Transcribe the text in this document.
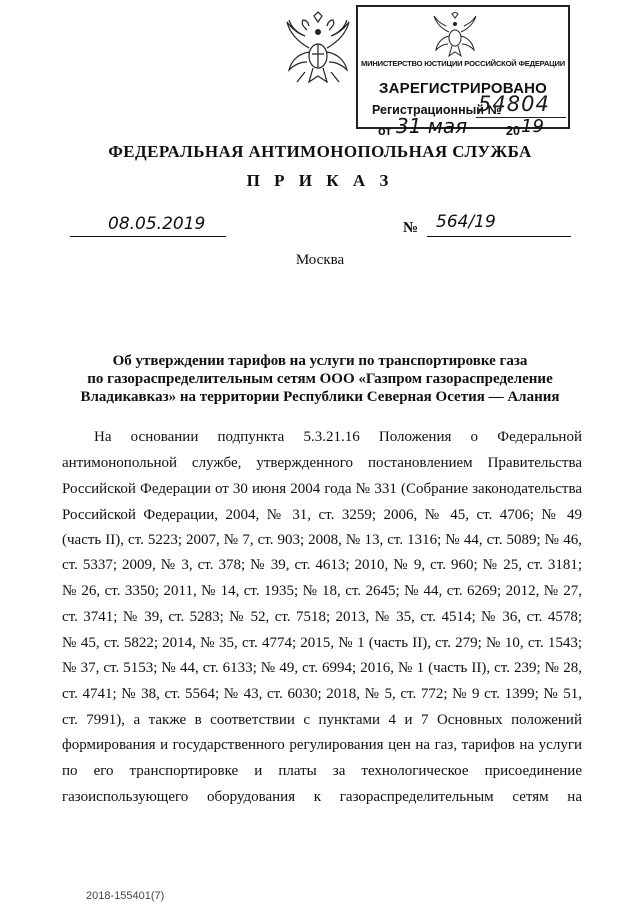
МИНИСТЕРСТВО ЮСТИЦИИ РОССИЙСКОЙ ФЕДЕРАЦИИ
ЗАРЕГИСТРИРОВАНО
Регистрационный №
54804
от 31 мая	20 19
ФЕДЕРАЛЬНАЯ АНТИМОНОПОЛЬНАЯ СЛУЖБА
П Р И К А З
08.05.2019	№ 564/19
Москва
Об утверждении тарифов на услуги по транспортировке газа
по газораспределительным сетям ООО «Газпром газораспределение
Владикавказ» на территории Республики Северная Осетия — Алания
На основании подпункта 5.3.21.16 Положения о Федеральной
антимонопольной службе, утвержденного постановлением Правительства
Российской Федерации от 30 июня 2004 года № 331 (Собрание законодательства
Российской Федерации, 2004, № 31, ст. 3259; 2006, № 45, ст. 4706; № 49
(часть II), ст. 5223; 2007, № 7, ст. 903; 2008, № 13, ст. 1316; № 44, ст. 5089; № 46,
ст. 5337; 2009, № 3, ст. 378; № 39, ст. 4613; 2010, № 9, ст. 960; № 25, ст. 3181;
№ 26, ст. 3350; 2011, № 14, ст. 1935; № 18, ст. 2645; № 44, ст. 6269; 2012, № 27,
ст. 3741; № 39, ст. 5283; № 52, ст. 7518; 2013, № 35, ст. 4514; № 36, ст. 4578;
№ 45, ст. 5822; 2014, № 35, ст. 4774; 2015, № 1 (часть II), ст. 279; № 10, ст. 1543;
№ 37, ст. 5153; № 44, ст. 6133; № 49, ст. 6994; 2016, № 1 (часть II), ст. 239; № 28,
ст. 4741; № 38, ст. 5564; № 43, ст. 6030; 2018, № 5, ст. 772; № 9 ст. 1399; № 51,
ст. 7991), а также в соответствии с пунктами 4 и 7 Основных положений
формирования и государственного регулирования цен на газ, тарифов на услуги
по его транспортировке и платы за технологическое присоединение
газоиспользующего оборудования к газораспределительным сетям на
2018-155401(7)
